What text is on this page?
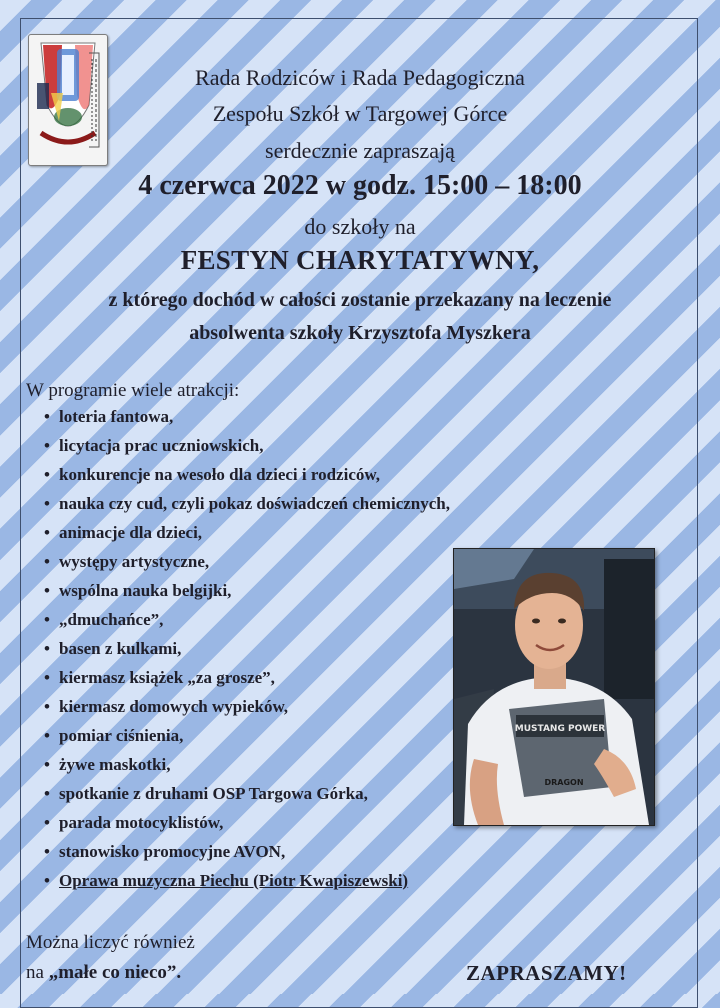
Rada Rodziców i Rada Pedagogiczna
Zespołu Szkół w Targowej Górce
serdecznie zapraszają
4 czerwca 2022 w godz. 15:00 – 18:00
do szkoły na
FESTYN CHARYTATYWNY,
z którego dochód w całości zostanie przekazany na leczenie
absolwenta szkoły Krzysztofa Myszkera
W programie wiele atrakcji:
• loteria fantowa,
• licytacja prac uczniowskich,
• konkurencje na wesoło dla dzieci i rodziców,
• nauka czy cud, czyli pokaz doświadczeń chemicznych,
• animacje dla dzieci,
• występy artystyczne,
• wspólna nauka belgijki,
• „dmuchańce”,
• basen z kulkami,
• kiermasz książek „za grosze”,
• kiermasz domowych wypieków,
• pomiar ciśnienia,
• żywe maskotki,
• spotkanie z druhami OSP Targowa Górka,
• parada motocyklistów,
• stanowisko promocyjne AVON,
• Oprawa muzyczna Piechu (Piotr Kwapiszewski)
MUSTANG POWER
DRAGON
Można liczyć również
na „małe co nieco”.	ZAPRASZAMY!
